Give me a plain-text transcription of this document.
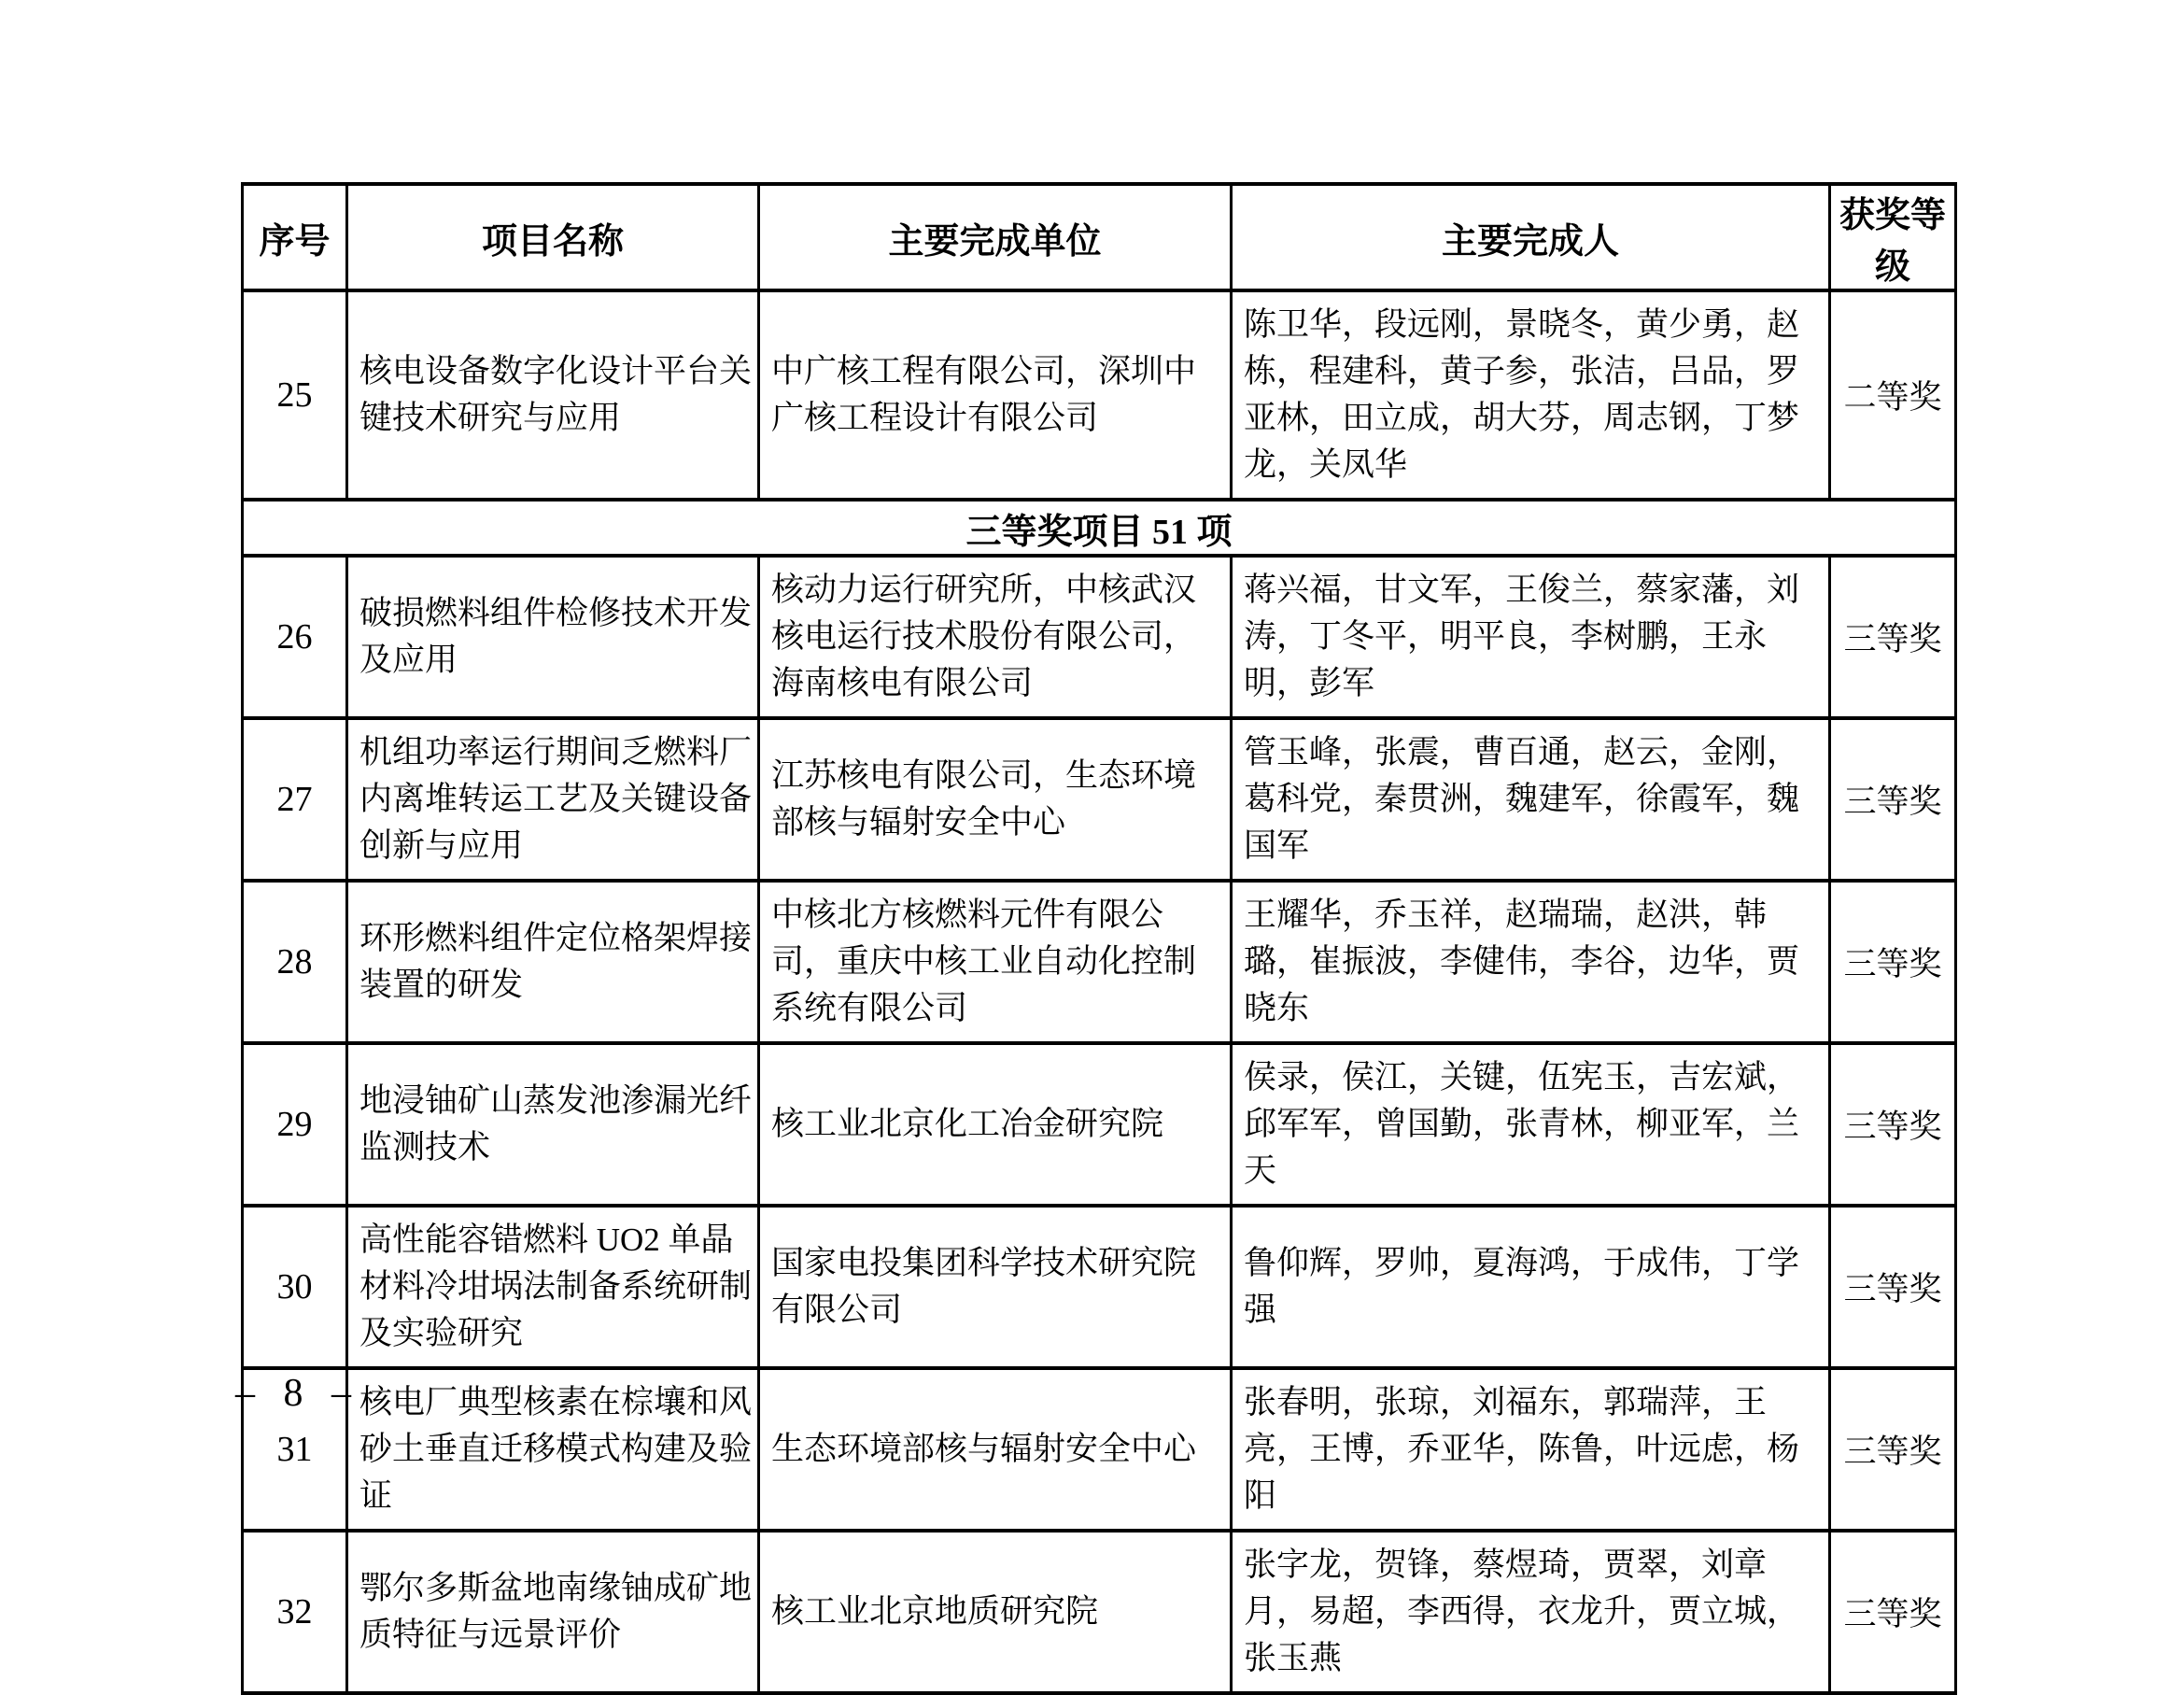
序号	项目名称	主要完成单位	主要完成人	获奖等级
25	核电设备数字化设计平台关键技术研究与应用	中广核工程有限公司，深圳中广核工程设计有限公司	陈卫华，段远刚，景晓冬，黄少勇，赵栋，程建科，黄子参，张洁，吕品，罗亚林，田立成，胡大芬，周志钢，丁梦龙，关凤华	二等奖
三等奖项目 51 项				
26	破损燃料组件检修技术开发及应用	核动力运行研究所，中核武汉核电运行技术股份有限公司，海南核电有限公司	蒋兴福，甘文军，王俊兰，蔡家藩，刘涛，丁冬平，明平良，李树鹏，王永明，彭军	三等奖
27	机组功率运行期间乏燃料厂内离堆转运工艺及关键设备创新与应用	江苏核电有限公司，生态环境部核与辐射安全中心	管玉峰，张震，曹百通，赵云，金刚，葛科党，秦贯洲，魏建军，徐霞军，魏国军	三等奖
28	环形燃料组件定位格架焊接装置的研发	中核北方核燃料元件有限公司，重庆中核工业自动化控制系统有限公司	王耀华，乔玉祥，赵瑞瑞，赵洪，韩璐，崔振波，李健伟，李谷，边华，贾晓东	三等奖
29	地浸铀矿山蒸发池渗漏光纤监测技术	核工业北京化工冶金研究院	侯录，侯江，关键，伍宪玉，吉宏斌，邱军军，曾国勤，张青林，柳亚军，兰天	三等奖
30	高性能容错燃料 UO2 单晶材料冷坩埚法制备系统研制及实验研究	国家电投集团科学技术研究院有限公司	鲁仰辉，罗帅，夏海鸿，于成伟，丁学强	三等奖
31	核电厂典型核素在棕壤和风砂土垂直迁移模式构建及验证	生态环境部核与辐射安全中心	张春明，张琼，刘福东，郭瑞萍，王亮，王博，乔亚华，陈鲁，叶远虑，杨阳	三等奖
32	鄂尔多斯盆地南缘铀成矿地质特征与远景评价	核工业北京地质研究院	张字龙，贺锋，蔡煜琦，贾翠，刘章月，易超，李西得，衣龙升，贾立城，张玉燕	三等奖
– 8 –
